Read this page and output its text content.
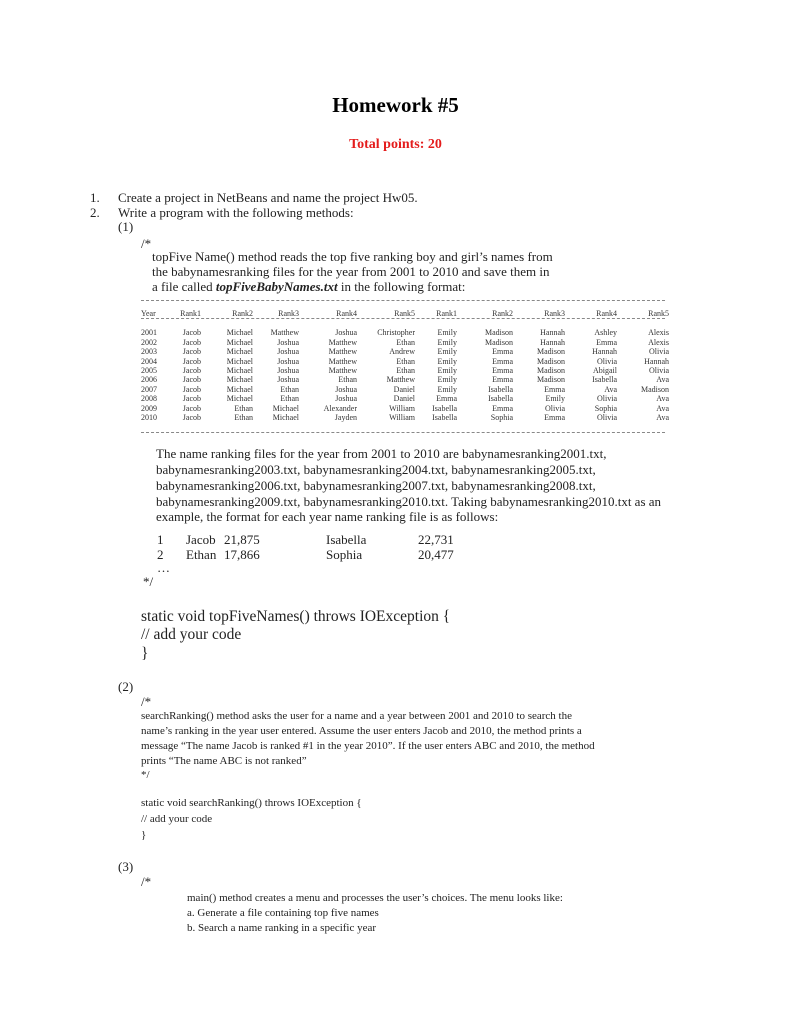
Homework #5
Total points: 20
1. Create a project in NetBeans and name the project Hw05.
2. Write a program with the following methods:
(1)
/*
topFive Name() method reads the top five ranking boy and girl’s names from
the babynamesranking files for the year from 2001 to 2010 and save them in
a file called topFiveBabyNames.txt in the following format:
Year	Rank1	Rank2	Rank3	Rank4	Rank5	Rank1	Rank2	Rank3	Rank4	Rank5
2001	Jacob	Michael	Matthew	Joshua	Christopher	Emily	Madison	Hannah	Ashley	Alexis
2002	Jacob	Michael	Joshua	Matthew	Ethan	Emily	Madison	Hannah	Emma	Alexis
2003	Jacob	Michael	Joshua	Matthew	Andrew	Emily	Emma	Madison	Hannah	Olivia
2004	Jacob	Michael	Joshua	Matthew	Ethan	Emily	Emma	Madison	Olivia	Hannah
2005	Jacob	Michael	Joshua	Matthew	Ethan	Emily	Emma	Madison	Abigail	Olivia
2006	Jacob	Michael	Joshua	Ethan	Matthew	Emily	Emma	Madison	Isabella	Ava
2007	Jacob	Michael	Ethan	Joshua	Daniel	Emily	Isabella	Emma	Ava	Madison
2008	Jacob	Michael	Ethan	Joshua	Daniel	Emma	Isabella	Emily	Olivia	Ava
2009	Jacob	Ethan	Michael	Alexander	William	Isabella	Emma	Olivia	Sophia	Ava
2010	Jacob	Ethan	Michael	Jayden	William	Isabella	Sophia	Emma	Olivia	Ava
The name ranking files for the year from 2001 to 2010 are babynamesranking2001.txt,
babynamesranking2003.txt, babynamesranking2004.txt, babynamesranking2005.txt,
babynamesranking2006.txt, babynamesranking2007.txt, babynamesranking2008.txt,
babynamesranking2009.txt, babynamesranking2010.txt. Taking babynamesranking2010.txt as an
example, the format for each year name ranking file is as follows:
1 Jacob 21,875	Isabella	22,731
2 Ethan 17,866	Sophia	20,477
…
*/
static void topFiveNames() throws IOException {
// add your code
}
(2)
/*
searchRanking() method asks the user for a name and a year between 2001 and 2010 to search the
name’s ranking in the year user entered. Assume the user enters Jacob and 2010, the method prints a
message “The name Jacob is ranked #1 in the year 2010”. If the user enters ABC and 2010, the method
prints “The name ABC is not ranked”
*/
static void searchRanking() throws IOException {
// add your code
}
(3)
/*
main() method creates a menu and processes the user’s choices. The menu looks like:
a. Generate a file containing top five names
b. Search a name ranking in a specific year
